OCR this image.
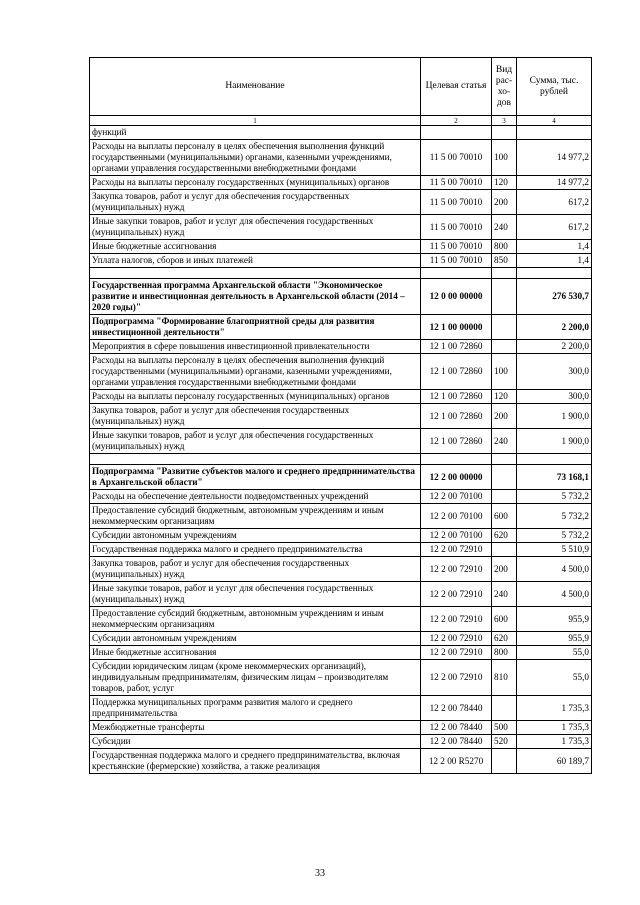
Наименование	Целевая статья	Вид рас- хо- дов	Сумма, тыс. рублей
1	2	3	4
функций			
Расходы на выплаты персоналу в целях обеспечения выполнения функций государственными (муниципальными) органами, казенными учреждениями, органами управления государственными внебюджетными фондами	11 5 00 70010	100	14 977,2
Расходы на выплаты персоналу государственных (муниципальных) органов	11 5 00 70010	120	14 977,2
Закупка товаров, работ и услуг для обеспечения государственных (муниципальных) нужд	11 5 00 70010	200	617,2
Иные закупки товаров, работ и услуг для обеспечения государственных (муниципальных) нужд	11 5 00 70010	240	617,2
Иные бюджетные ассигнования	11 5 00 70010	800	1,4
Уплата налогов, сборов и иных платежей	11 5 00 70010	850	1,4

Государственная программа Архангельской области "Экономическое развитие и инвестиционная деятельность в Архангельской области (2014 – 2020 годы)"	12 0 00 00000		276 530,7
Подпрограмма "Формирование благоприятной среды для развития инвестиционной деятельности"	12 1 00 00000		2 200,0
Мероприятия в сфере повышения инвестиционной привлекательности	12 1 00 72860		2 200,0
Расходы на выплаты персоналу в целях обеспечения выполнения функций государственными (муниципальными) органами, казенными учреждениями, органами управления государственными внебюджетными фондами	12 1 00 72860	100	300,0
Расходы на выплаты персоналу государственных (муниципальных) органов	12 1 00 72860	120	300,0
Закупка товаров, работ и услуг для обеспечения государственных (муниципальных) нужд	12 1 00 72860	200	1 900,0
Иные закупки товаров, работ и услуг для обеспечения государственных (муниципальных) нужд	12 1 00 72860	240	1 900,0

Подпрограмма "Развитие субъектов малого и среднего предпринимательства в Архангельской области"	12 2 00 00000		73 168,1
Расходы на обеспечение деятельности подведомственных учреждений	12 2 00 70100		5 732,2
Предоставление субсидий бюджетным, автономным учреждениям и иным некоммерческим организациям	12 2 00 70100	600	5 732,2
Субсидии автономным учреждениям	12 2 00 70100	620	5 732,2
Государственная поддержка малого и среднего предпринимательства	12 2 00 72910		5 510,9
Закупка товаров, работ и услуг для обеспечения государственных (муниципальных) нужд	12 2 00 72910	200	4 500,0
Иные закупки товаров, работ и услуг для обеспечения государственных (муниципальных) нужд	12 2 00 72910	240	4 500,0
Предоставление субсидий бюджетным, автономным учреждениям и иным некоммерческим организациям	12 2 00 72910	600	955,9
Субсидии автономным учреждениям	12 2 00 72910	620	955,9
Иные бюджетные ассигнования	12 2 00 72910	800	55,0
Субсидии юридическим лицам (кроме некоммерческих организаций), индивидуальным предпринимателям, физическим лицам – производителям товаров, работ, услуг	12 2 00 72910	810	55,0
Поддержка муниципальных программ развития малого и среднего предпринимательства	12 2 00 78440		1 735,3
Межбюджетные трансферты	12 2 00 78440	500	1 735,3
Субсидии	12 2 00 78440	520	1 735,3
Государственная поддержка малого и среднего предпринимательства, включая крестьянские (фермерские) хозяйства, а также реализация	12 2 00 R5270		60 189,7
33
